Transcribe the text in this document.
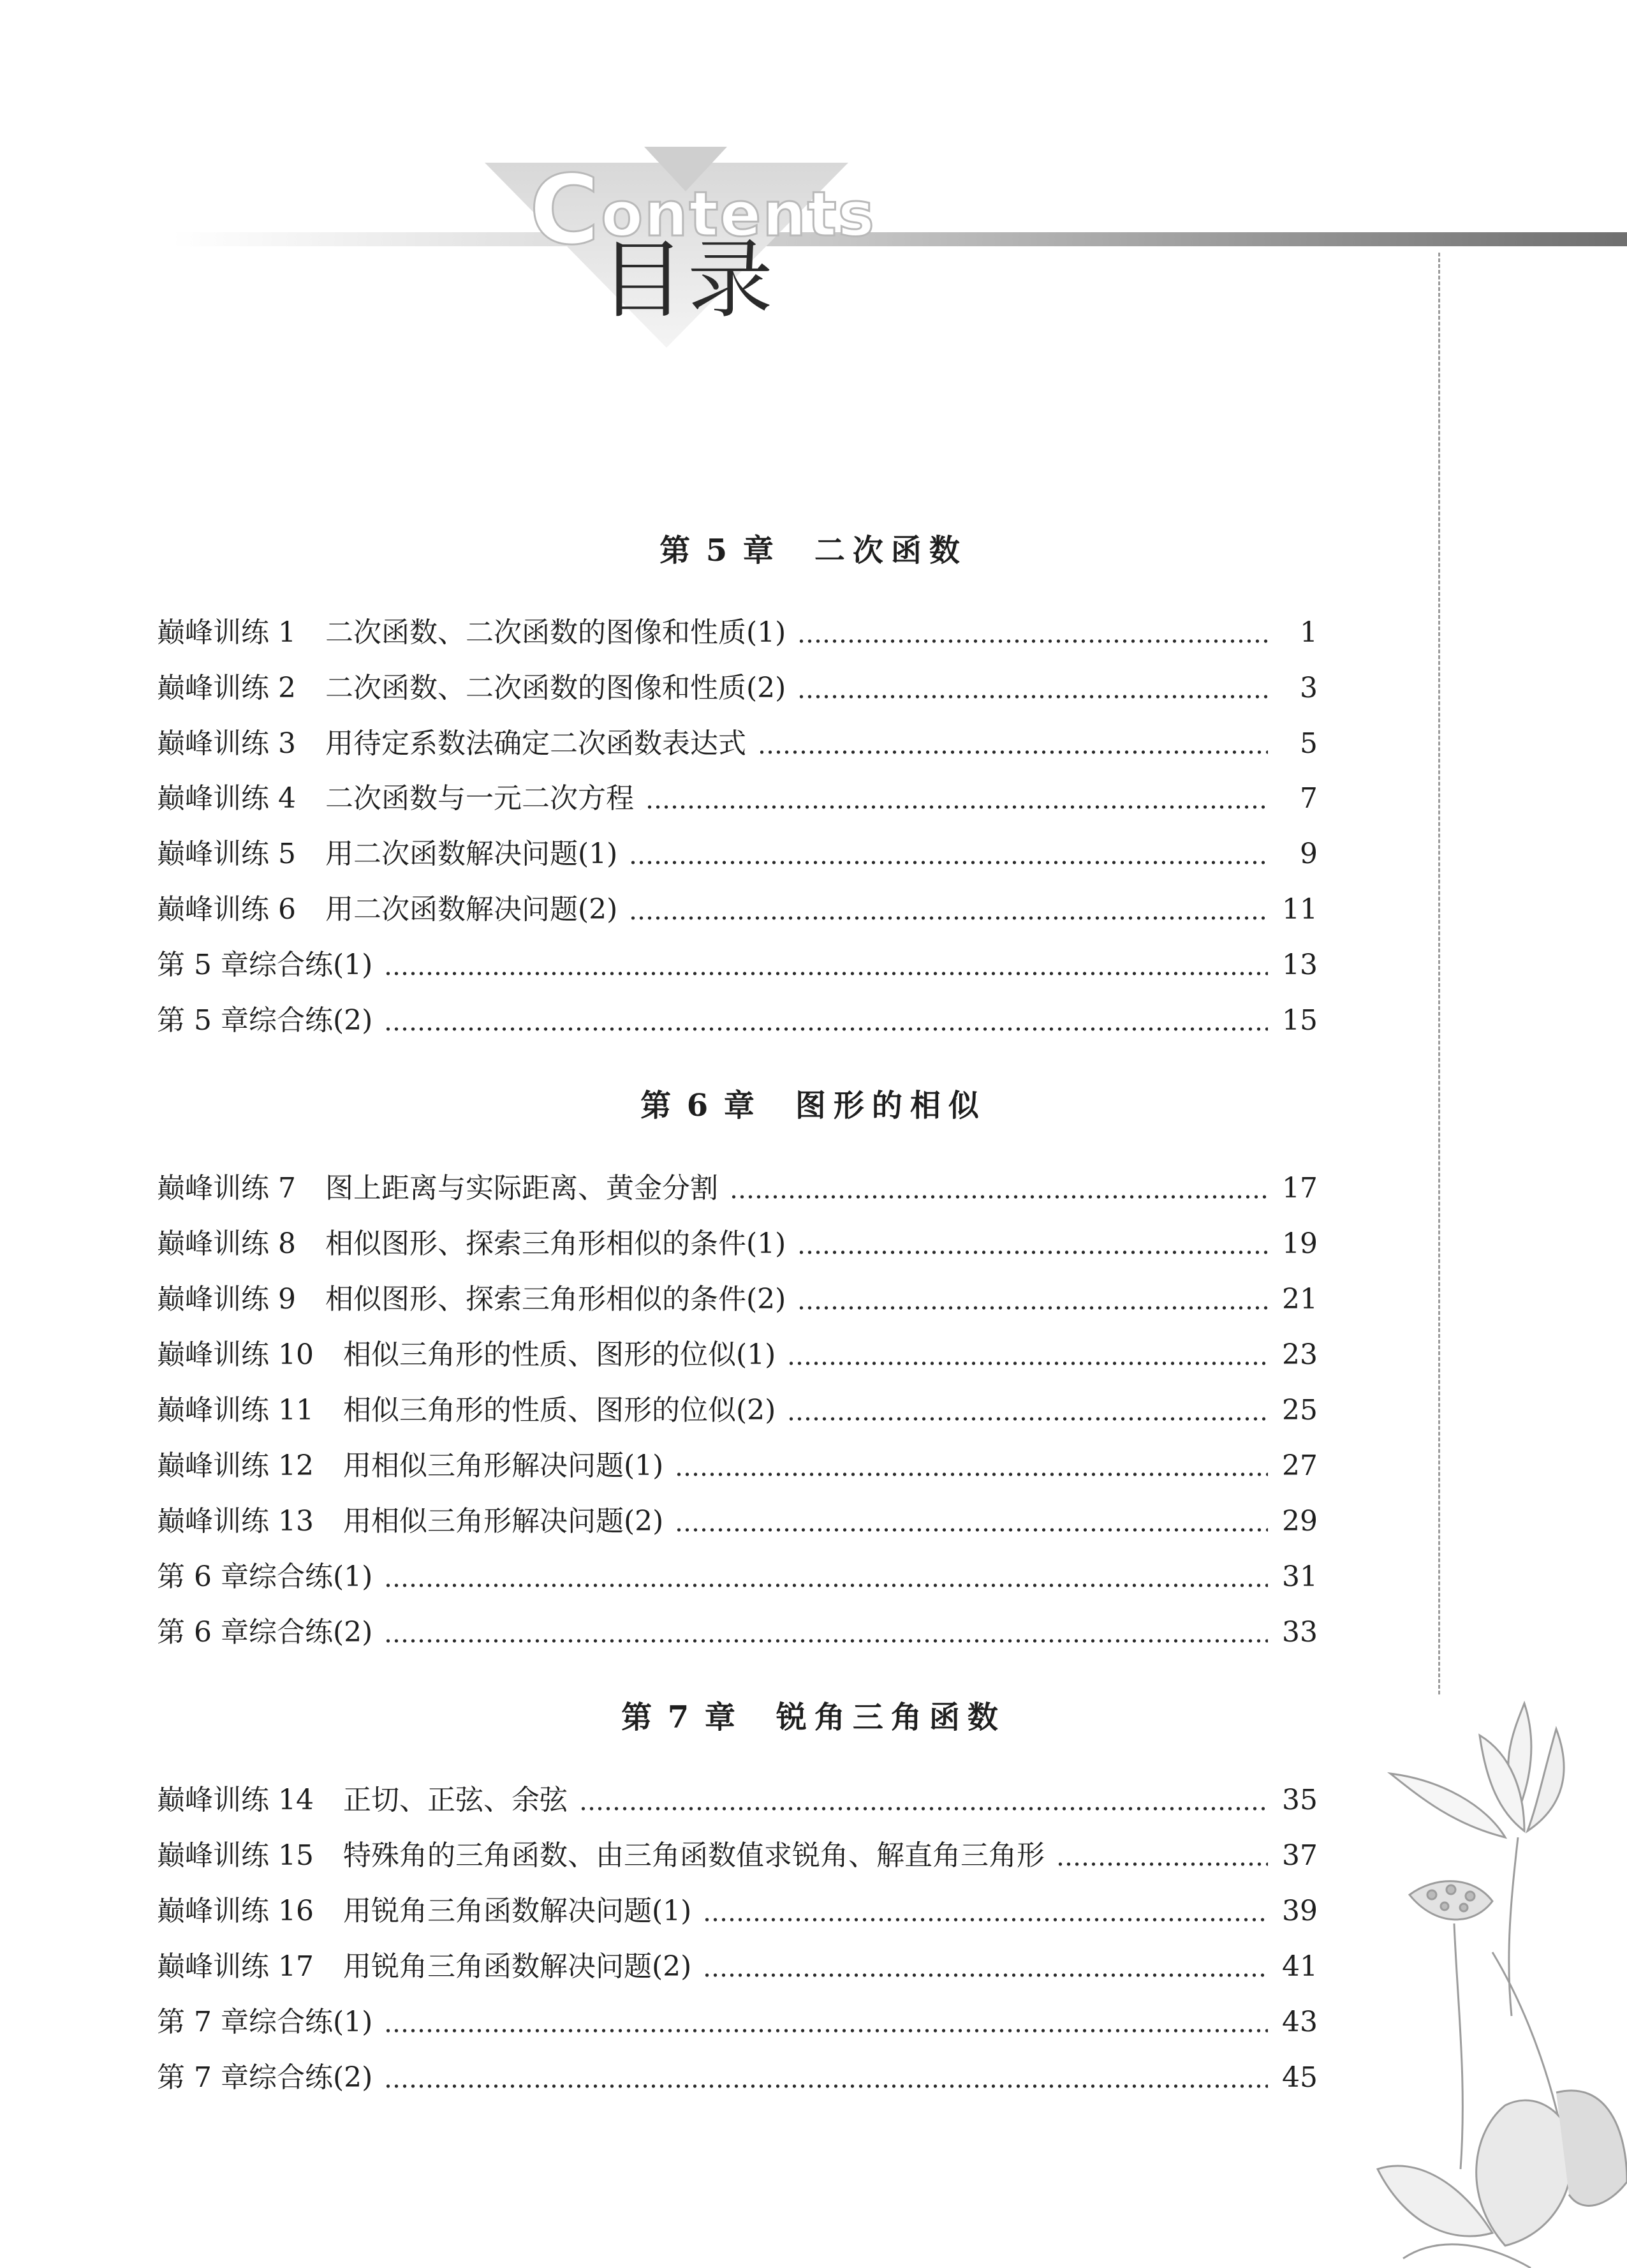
Contents
目录
第 5 章 二次函数
巅峰训练 1 二次函数、二次函数的图像和性质(1)	1
巅峰训练 2 二次函数、二次函数的图像和性质(2)	3
巅峰训练 3 用待定系数法确定二次函数表达式	5
巅峰训练 4 二次函数与一元二次方程	7
巅峰训练 5 用二次函数解决问题(1)	9
巅峰训练 6 用二次函数解决问题(2)	11
第 5 章综合练(1)	13
第 5 章综合练(2)	15
第 6 章 图形的相似
巅峰训练 7 图上距离与实际距离、黄金分割	17
巅峰训练 8 相似图形、探索三角形相似的条件(1)	19
巅峰训练 9 相似图形、探索三角形相似的条件(2)	21
巅峰训练 10 相似三角形的性质、图形的位似(1)	23
巅峰训练 11 相似三角形的性质、图形的位似(2)	25
巅峰训练 12 用相似三角形解决问题(1)	27
巅峰训练 13 用相似三角形解决问题(2)	29
第 6 章综合练(1)	31
第 6 章综合练(2)	33
第 7 章 锐角三角函数
巅峰训练 14 正切、正弦、余弦	35
巅峰训练 15 特殊角的三角函数、由三角函数值求锐角、解直角三角形	37
巅峰训练 16 用锐角三角函数解决问题(1)	39
巅峰训练 17 用锐角三角函数解决问题(2)	41
第 7 章综合练(1)	43
第 7 章综合练(2)	45
